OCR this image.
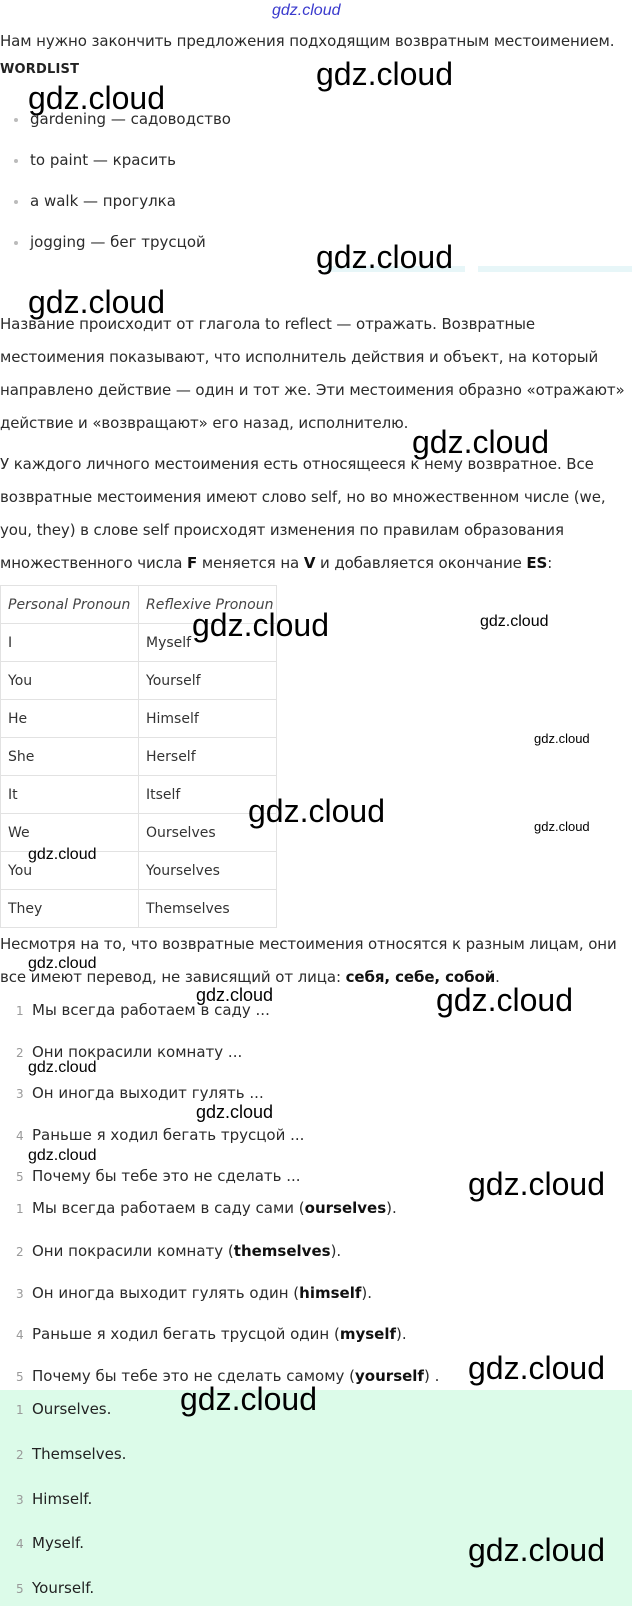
gdz.cloud
Нам нужно закончить предложения подходящим возвратным местоимением.
WORDLIST
gardening — садоводство
to paint — красить
a walk — прогулка
jogging — бег трусцой
Название происходит от глагола to reflect — отражать. Возвратные
местоимения показывают, что исполнитель действия и объект, на который
направлено действие — один и тот же. Эти местоимения образно «отражают»
действие и «возвращают» его назад, исполнителю.
У каждого личного местоимения есть относящееся к нему возвратное. Все
возвратные местоимения имеют слово self, но во множественном числе (we,
you, they) в слове self происходят изменения по правилам образования
множественного числа F меняется на V и добавляется окончание ES:
Personal Pronoun	Reflexive Pronoun
I	Myself
You	Yourself
He	Himself
She	Herself
It	Itself
We	Ourselves
You	Yourselves
They	Themselves
Несмотря на то, что возвратные местоимения относятся к разным лицам, они
все имеют перевод, не зависящий от лица: себя, себе, собой.
1 Мы всегда работаем в саду ...
2 Они покрасили комнату ...
3 Он иногда выходит гулять ...
4 Раньше я ходил бегать трусцой ...
5 Почему бы тебе это не сделать ...
1 Мы всегда работаем в саду сами (ourselves).
2 Они покрасили комнату (themselves).
3 Он иногда выходит гулять один (himself).
4 Раньше я ходил бегать трусцой один (myself).
5 Почему бы тебе это не сделать самому (yourself) .
1 Ourselves.
2 Themselves.
3 Himself.
4 Myself.
5 Yourself.
gdz.cloud
gdz.cloud
gdz.cloud
gdz.cloud
gdz.cloud
gdz.cloud	gdz.cloud
gdz.cloud
gdz.cloud	gdz.cloud
gdz.cloud
gdz.cloud
gdz.cloud	gdz.cloud
gdz.cloud
gdz.cloud
gdz.cloud
gdz.cloud
gdz.cloud
gdz.cloud
gdz.cloud
